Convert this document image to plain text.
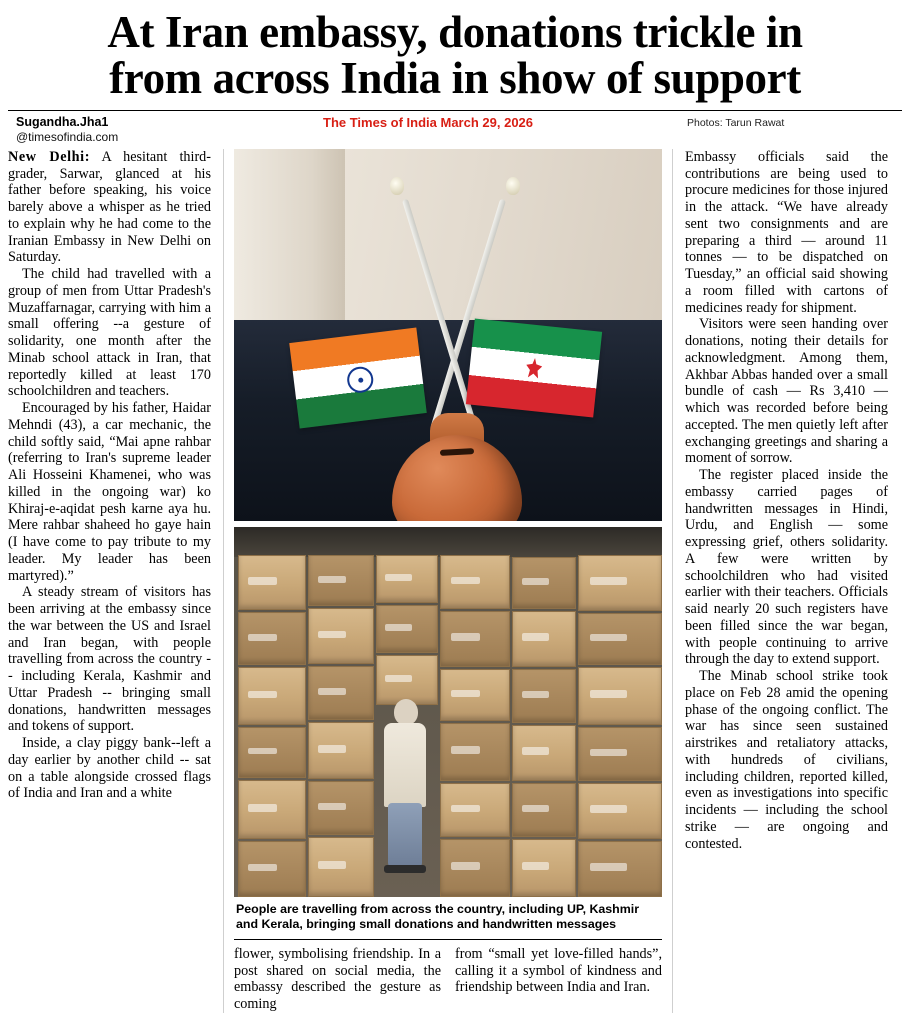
At Iran embassy, donations trickle in
from across India in show of support
Sugandha.Jha1
@timesofindia.com
The Times of India March 29, 2026	Photos: Tarun Rawat

New Delhi: A hesitant third-grader, Sarwar, glanced at his father before speaking, his voice barely above a whisper as he tried to explain why he had come to the Iranian Embassy in New Delhi on Saturday.

The child had travelled with a group of men from Uttar Pradesh's Muzaffarnagar, carrying with him a small offering --a gesture of solidarity, one month after the Minab school attack in Iran, that reportedly killed at least 170 schoolchildren and teachers.

Encouraged by his father, Haidar Mehndi (43), a car mechanic, the child softly said, “Mai apne rahbar (referring to Iran's supreme leader Ali Hosseini Khamenei, who was killed in the ongoing war) ko Khiraj-e-aqidat pesh karne aya hu. Mere rahbar shaheed ho gaye hain (I have come to pay tribute to my leader. My leader has been martyred).”

A steady stream of visitors has been arriving at the embassy since the war between the US and Israel and Iran began, with people travelling from across the country -- including Kerala, Kashmir and Uttar Pradesh -- bringing small donations, handwritten messages and tokens of support.

Inside, a clay piggy bank--left a day earlier by another child -- sat on a table alongside crossed flags of India and Iran and a white

People are travelling from across the country, including UP, Kashmir and Kerala, bringing small donations and handwritten messages

flower, symbolising friendship. In a post shared on social media, the embassy described the gesture as coming

from “small yet love-filled hands”, calling it a symbol of kindness and friendship between India and Iran.

Embassy officials said the contributions are being used to procure medicines for those injured in the attack. “We have already sent two consignments and are preparing a third — around 11 tonnes — to be dispatched on Tuesday,” an official said showing a room filled with cartons of medicines ready for shipment.

Visitors were seen handing over donations, noting their details for acknowledgment. Among them, Akhbar Abbas handed over a small bundle of cash — Rs 3,410 — which was recorded before being accepted. The men quietly left after exchanging greetings and sharing a moment of sorrow.

The register placed inside the embassy carried pages of handwritten messages in Hindi, Urdu, and English — some expressing grief, others solidarity. A few were written by schoolchildren who had visited earlier with their teachers. Officials said nearly 20 such registers have been filled since the war began, with people continuing to arrive through the day to extend support.

The Minab school strike took place on Feb 28 amid the opening phase of the ongoing conflict. The war has since seen sustained airstrikes and retaliatory attacks, with hundreds of civilians, including children, reported killed, even as investigations into specific incidents — including the school strike — are ongoing and contested.
